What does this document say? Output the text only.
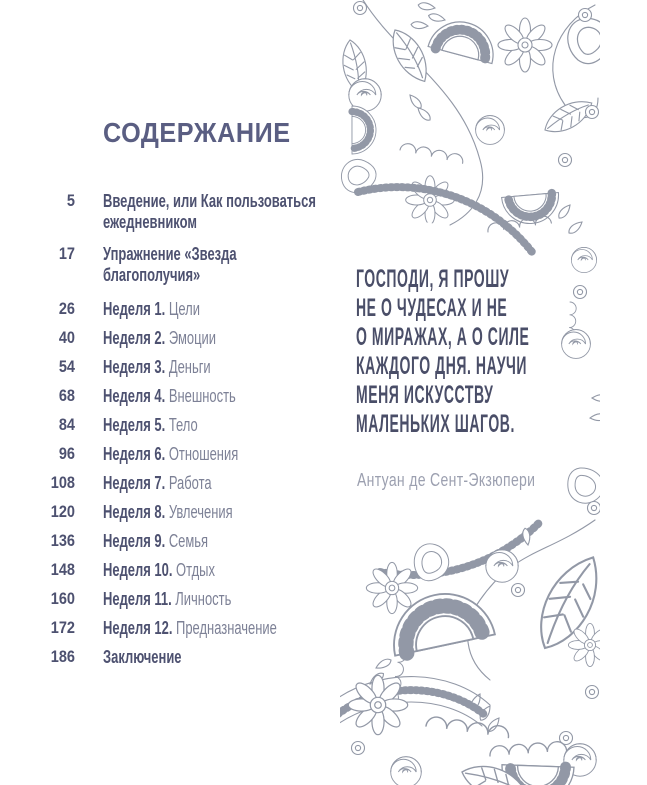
СОДЕРЖАНИЕ
5 Введение, или Как пользоваться ежедневником
17 Упражнение «Звезда благополучия»
26 Неделя 1. Цели
40 Неделя 2. Эмоции
54 Неделя 3. Деньги
68 Неделя 4. Внешность
84 Неделя 5. Тело
96 Неделя 6. Отношения
108 Неделя 7. Работа
120 Неделя 8. Увлечения
136 Неделя 9. Семья
148 Неделя 10. Отдых
160 Неделя 11. Личность
172 Неделя 12. Предназначение
186 Заключение
ГОСПОДИ, Я ПРОШУ
НЕ О ЧУДЕСАХ И НЕ
О МИРАЖАХ, А О СИЛЕ
КАЖДОГО ДНЯ. НАУЧИ
МЕНЯ ИСКУССТВУ
МАЛЕНЬКИХ ШАГОВ.
Антуан де Сент-Экзюпери
